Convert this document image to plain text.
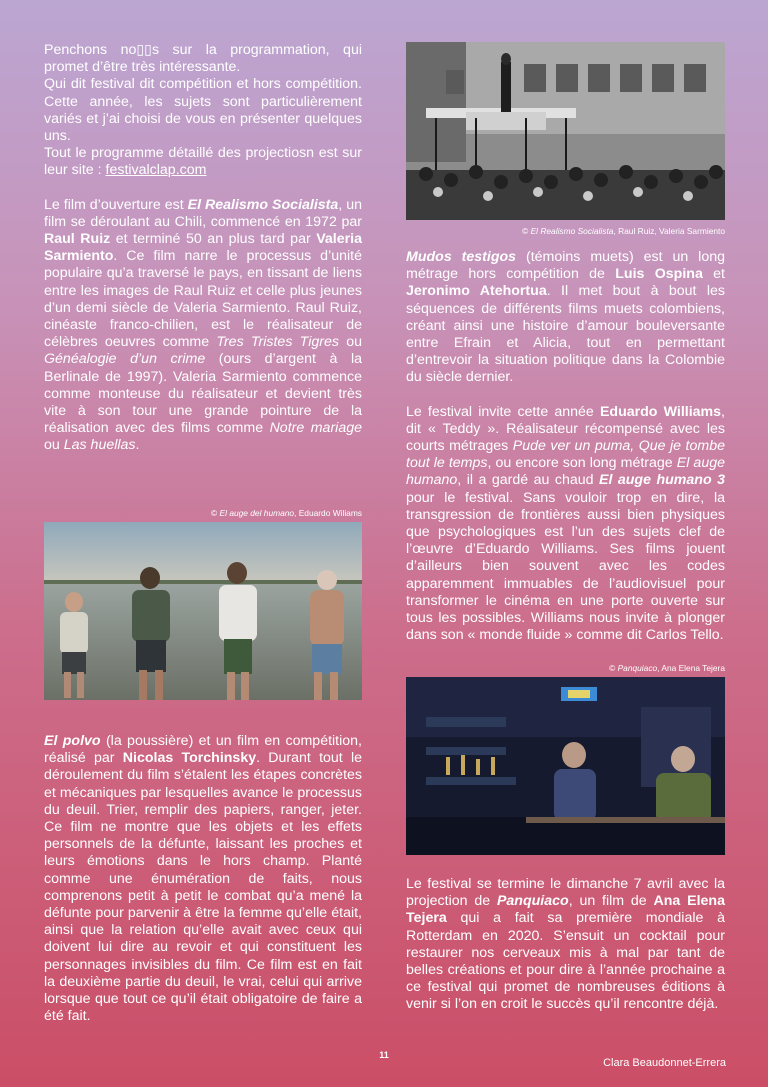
Penchons no▯▯s sur la programmation, qui promet d’être très intéressante.
Qui dit festival dit compétition et hors compétition. Cette année, les sujets sont particulièrement variés et j’ai choisi de vous en présenter quelques uns.
Tout le programme détaillé des projectiosn est sur leur site : festivalclap.com

Le film d’ouverture est El Realismo Socialista, un film se déroulant au Chili, commencé en 1972 par Raul Ruiz et terminé 50 an plus tard par Valeria Sarmiento. Ce film narre le processus d’unité populaire qu’a traversé le pays, en tissant de liens entre les images de Raul Ruiz et celle plus jeunes d’un demi siècle de Valeria Sarmiento. Raul Ruiz, cinéaste franco-chilien, est le réalisateur de célèbres oeuvres comme Tres Tristes Tigres ou Généalogie d’un crime (ours d’argent à la Berlinale de 1997). Valeria Sarmiento commence comme monteuse du réalisateur et devient très vite à son tour une grande pointure de la réalisation avec des films comme Notre mariage ou Las huellas.

© El auge del humano, Eduardo Wiliams

El polvo (la poussière) et un film en compétition, réalisé par Nicolas Torchinsky. Durant tout le déroulement du film s’étalent les étapes concrètes et mécaniques par lesquelles avance le processus du deuil. Trier, remplir des papiers, ranger, jeter. Ce film ne montre que les objets et les effets personnels de la défunte, laissant les proches et leurs émotions dans le hors champ. Planté comme une énumération de faits, nous comprenons petit à petit le combat qu’a mené la défunte pour parvenir à être la femme qu’elle était, ainsi que la relation qu’elle avait avec ceux qui doivent lui dire au revoir et qui constituent les personnages invisibles du film. Ce film est en fait la deuxième partie du deuil, le vrai, celui qui arrive lorsque que tout ce qu’il était obligatoire de faire a été fait.

© El Realismo Socialista, Raul Ruiz, Valeria Sarmiento

Mudos testigos (témoins muets) est un long métrage hors compétition de Luis Ospina et Jeronimo Atehortua. Il met bout à bout les séquences de différents films muets colombiens, créant ainsi une histoire d’amour bouleversante entre Efrain et Alicia, tout en permettant d’entrevoir la situation politique dans la Colombie du siècle dernier.

Le festival invite cette année Eduardo Williams, dit « Teddy ». Réalisateur récompensé avec les courts métrages Pude ver un puma, Que je tombe tout le temps, ou encore son long métrage El auge humano, il a gardé au chaud El auge humano 3 pour le festival. Sans vouloir trop en dire, la transgression de frontières aussi bien physiques que psychologiques est l’un des sujets clef de l’œuvre d’Eduardo Williams. Ses films jouent d’ailleurs bien souvent avec les codes apparemment immuables de l’audiovisuel pour transformer le cinéma en une porte ouverte sur tous les possibles. Williams nous invite à plonger dans son « monde fluide » comme dit Carlos Tello.

© Panquiaco, Ana Elena Tejera

Le festival se termine le dimanche 7 avril avec la projection de Panquiaco, un film de Ana Elena Tejera qui a fait sa première mondiale à Rotterdam en 2020. S’ensuit un cocktail pour restaurer nos cerveaux mis à mal par tant de belles créations et pour dire à l’année prochaine a ce festival qui promet de nombreuses éditions à venir si l’on en croit le succès qu’il rencontre déjà.

11
Clara Beaudonnet-Errera
